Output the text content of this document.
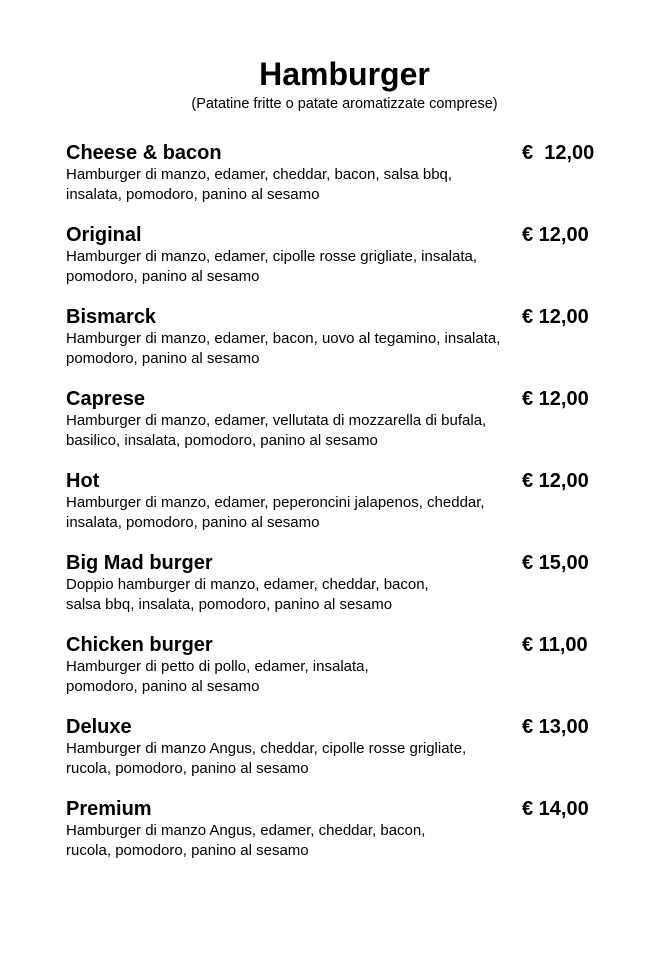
Hamburger
(Patatine fritte o patate aromatizzate comprese)
Cheese & bacon	€  12,00
Hamburger di manzo, edamer, cheddar, bacon, salsa bbq,
insalata, pomodoro, panino al sesamo
Original	€ 12,00
Hamburger di manzo, edamer, cipolle rosse grigliate, insalata,
pomodoro, panino al sesamo
Bismarck	€ 12,00
Hamburger di manzo, edamer, bacon, uovo al tegamino, insalata,
pomodoro, panino al sesamo
Caprese	€ 12,00
Hamburger di manzo, edamer, vellutata di mozzarella di bufala,
basilico, insalata, pomodoro, panino al sesamo
Hot	€ 12,00
Hamburger di manzo, edamer, peperoncini jalapenos, cheddar,
insalata, pomodoro, panino al sesamo
Big Mad burger	€ 15,00
Doppio hamburger di manzo, edamer, cheddar, bacon,
salsa bbq, insalata, pomodoro, panino al sesamo
Chicken burger	€ 11,00
Hamburger di petto di pollo, edamer, insalata,
pomodoro, panino al sesamo
Deluxe	€ 13,00
Hamburger di manzo Angus, cheddar, cipolle rosse grigliate,
rucola, pomodoro, panino al sesamo
Premium	€ 14,00
Hamburger di manzo Angus, edamer, cheddar, bacon,
rucola, pomodoro, panino al sesamo
